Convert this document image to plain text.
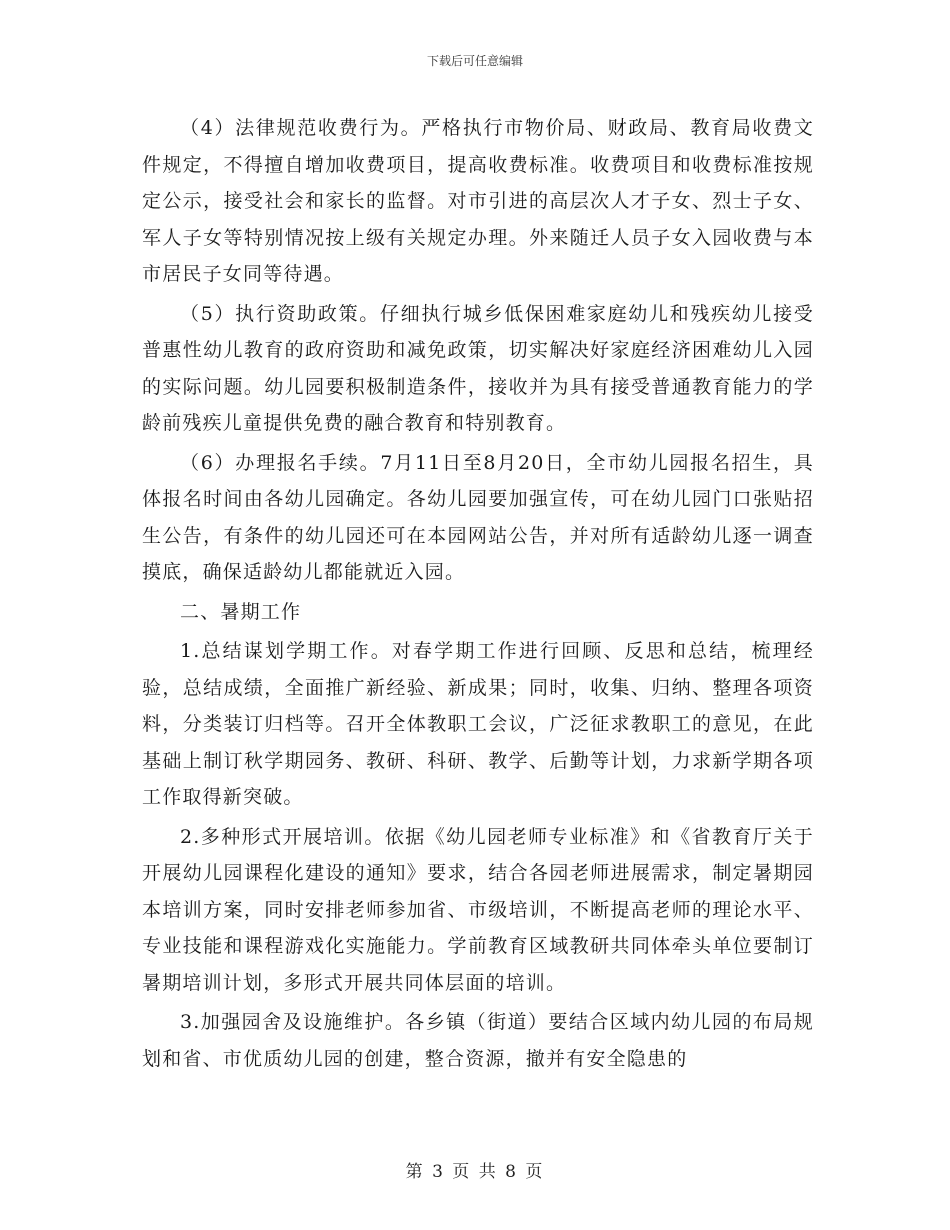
下载后可任意编辑

（4）法律规范收费行为。严格执行市物价局、财政局、教育局收费文件规定，不得擅自增加收费项目，提高收费标准。收费项目和收费标准按规定公示，接受社会和家长的监督。对市引进的高层次人才子女、烈士子女、军人子女等特别情况按上级有关规定办理。外来随迁人员子女入园收费与本市居民子女同等待遇。

（5）执行资助政策。仔细执行城乡低保困难家庭幼儿和残疾幼儿接受普惠性幼儿教育的政府资助和减免政策，切实解决好家庭经济困难幼儿入园的实际问题。幼儿园要积极制造条件，接收并为具有接受普通教育能力的学龄前残疾儿童提供免费的融合教育和特别教育。

（6）办理报名手续。7月11日至8月20日，全市幼儿园报名招生，具体报名时间由各幼儿园确定。各幼儿园要加强宣传，可在幼儿园门口张贴招生公告，有条件的幼儿园还可在本园网站公告，并对所有适龄幼儿逐一调查摸底，确保适龄幼儿都能就近入园。

二、暑期工作

1.总结谋划学期工作。对春学期工作进行回顾、反思和总结，梳理经验，总结成绩，全面推广新经验、新成果；同时，收集、归纳、整理各项资料，分类装订归档等。召开全体教职工会议，广泛征求教职工的意见，在此基础上制订秋学期园务、教研、科研、教学、后勤等计划，力求新学期各项工作取得新突破。

2.多种形式开展培训。依据《幼儿园老师专业标准》和《省教育厅关于开展幼儿园课程化建设的通知》要求，结合各园老师进展需求，制定暑期园本培训方案，同时安排老师参加省、市级培训，不断提高老师的理论水平、专业技能和课程游戏化实施能力。学前教育区域教研共同体牵头单位要制订暑期培训计划，多形式开展共同体层面的培训。

3.加强园舍及设施维护。各乡镇（街道）要结合区域内幼儿园的布局规划和省、市优质幼儿园的创建，整合资源，撤并有安全隐患的

第 3 页 共 8 页
